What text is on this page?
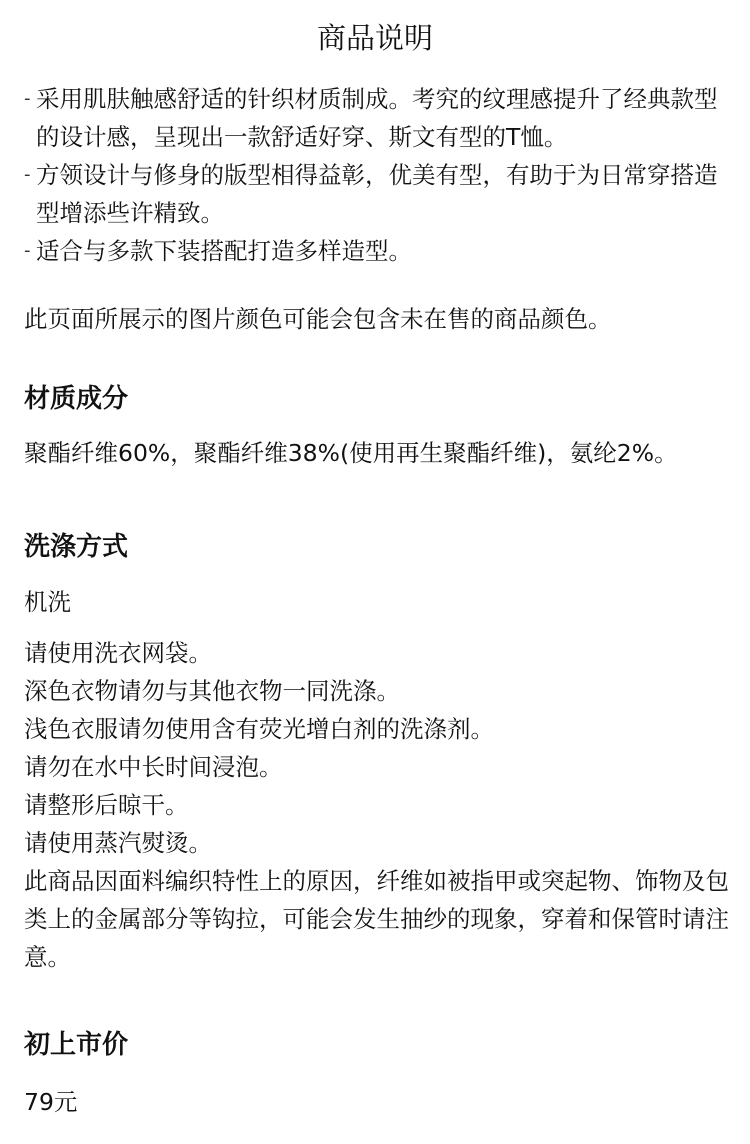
商品说明
- 采用肌肤触感舒适的针织材质制成。考究的纹理感提升了经典款型的设计感，呈现出一款舒适好穿、斯文有型的T恤。
- 方领设计与修身的版型相得益彰，优美有型，有助于为日常穿搭造型增添些许精致。
- 适合与多款下装搭配打造多样造型。
此页面所展示的图片颜色可能会包含未在售的商品颜色。
材质成分
聚酯纤维60%，聚酯纤维38%(使用再生聚酯纤维)，氨纶2%。
洗涤方式
机洗
请使用洗衣网袋。
深色衣物请勿与其他衣物一同洗涤。
浅色衣服请勿使用含有荧光增白剂的洗涤剂。
请勿在水中长时间浸泡。
请整形后晾干。
请使用蒸汽熨烫。
此商品因面料编织特性上的原因，纤维如被指甲或突起物、饰物及包类上的金属部分等钩拉，可能会发生抽纱的现象，穿着和保管时请注意。
初上市价
79元
